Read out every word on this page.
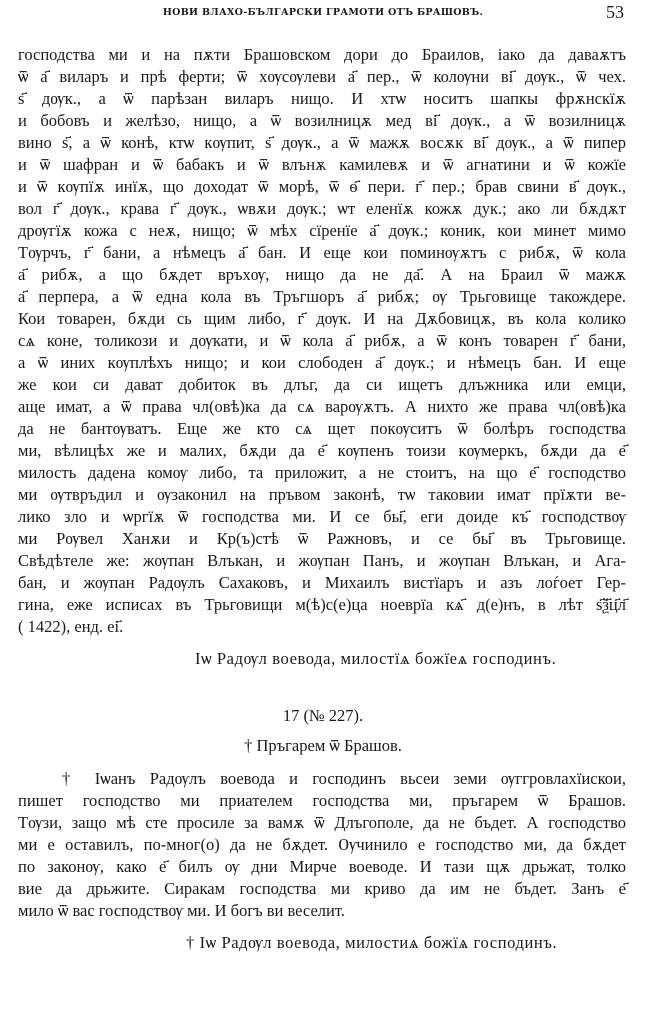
НОВИ ВЛАХО-БЪЛГАРСКИ ГРАМОТИ ОТЪ БРАШОВЪ.	53
господства ми и на пѫти Брашовском дори до Браилов, іако да даваѫтъ
ѿ а҃ виларъ и прѣ ферти; ѿ хѹсѹлеви а҃ пер., ѿ колѹни ві҃ дѹк., ѿ чех.
ѕ҃ дѹк., а ѿ парѣзан виларъ нищо. И хтѡ носитъ шапкы фрѫнскїѫ
и бобовъ и желѣзо, нищо, а ѿ возилницѫ мед ві҃ дѹк., а ѿ возилницѫ
вино ѕ҃, а ѿ конѣ, ктѡ кѹпит, ѕ҃ дѹк., а ѿ мажѫ восѫк ві҃ дѹк., а ѿ пипер
и ѿ шафран и ѿ бабакъ и ѿ влънѫ камилевѫ и ѿ агнатини и ѿ кожїе
и ѿ кѹпїѫ инїѫ, що доходат ѿ морѣ, ѿ ѳ҃ пери. г҃ пер.; брав свини в҃ дѹк.,
вол г҃ дѹк., крава г҃ дѹк., ѡвѫи дѹк.; ѡт еленїѫ кожѫ дук.; ако ли бѫдѫт
дрѹгїѫ кожа с неѫ, нищо; ѿ мѣх сїренїе а҃ дѹк.; коник, кои минет мимо
Тѹрчъ, г҃ бани, а нѣмецъ а҃ бан. И еще кои поминѹѫтъ с рибѫ, ѿ кола
а҃ рибѫ, а що бѫдет връхѹ, нищо да не да҃. А на Браил ѿ мажѫ
а҃ перпера, а ѿ една кола въ Тръгшоръ а҃ рибѫ; ѹ Трьговище такождере.
Кои товарен, бѫди сь щим либо, г҃ дѹк. И на Дѫбовицѫ, въ кола колико
сѧ коне, толикози и дѹкати, и ѿ кола а҃ рибѫ, а ѿ конъ товарен г҃ бани,
а ѿ иних кѹплѣхъ нищо; и кои слободен а҃ дѹк.; и нѣмецъ бан. И еще
же кои си дават добиток въ длъг, да си ищетъ длъжника или емци,
аще имат, а ѿ права чл(овѣ)ка да сѧ варѹѫтъ. А нихто же права чл(овѣ)ка
да не бантѹватъ. Еще же кто сѧ щет покѹситъ ѿ болѣръ господства
ми, вѣлицѣх же и малих, бѫди да е҃ кѹпенъ тоизи кѹмеркъ, бѫди да е҃
милость дадена комѹ либо, та приложит, а не стоитъ, на що е҃ господство
ми ѹтвръдил и ѹзаконил на пръвом законѣ, тѡ таковии имат прїѫти ве-
лико зло и ѡргїѫ ѿ господства ми. И се бы҃, еги доиде къ҃ господствѹ
ми Рѹвел Ханѫи и Кр(ъ)стѣ ѿ Ражновъ, и се бы҃ въ Трьговище.
Свѣдѣтеле же: жѹпан Влъкан, и жѹпан Панъ, и жѹпан Влъкан, и Ага-
бан, и жѹпан Радѹлъ Сахаковъ, и Михаилъ вистїаръ и азъ лоѓоет Гер-
гина, еже исписах въ Трьговищи м(ѣ)с(е)ца ноеврїа кѧ҃ д(е)нъ, в лѣт ѕ҃ѯ҃ц҃л҃
( 1422), енд. еі҃.
Іѡ Радѹл воевода, милостїѧ божїеѧ господинъ.
17 (№ 227).
† Пръгарем ѿ Брашов.
† Іѡанъ Радѹлъ воевода и господинъ вьсеи земи ѹггровлахїискои,
пишет господство ми приателем господства ми, пръгарем ѿ Брашов.
Тѹзи, защо мѣ сте просиле за вамѫ ѿ Длъгополе, да не бъдет. А господство
ми е оставилъ, по-мног(о) да не бѫдет. Ѹчинило е господство ми, да бѫдет
по законѹ, како е҃ билъ ѹ дни Мирче воеводе. И тази щѫ дрьжат, толко
вие да дрьжите. Сиракам господства ми криво да им не бъдет. Занъ е҃
мило ѿ вас господствѹ ми. И богъ ви веселит.
† Іѡ Радѹл воевода, милостиѧ божїѧ господинъ.
